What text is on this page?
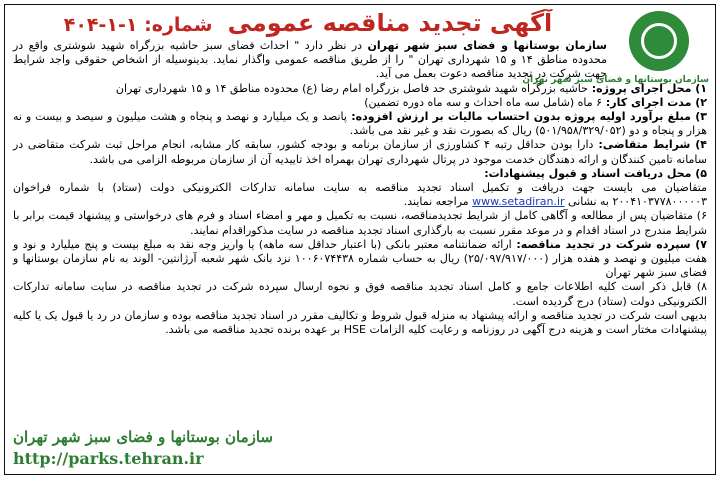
سازمان بوستانها و فضای سبز شهر تهران
آگهی تجدید مناقصه عمومی شماره: ۱-۱-۴۰۴

سازمان بوستانها و فضای سبز شهر تهران در نظر دارد " احداث فضای سبز حاشیه بزرگراه شهید شوشتری واقع در محدوده مناطق ۱۴ و ۱۵ شهرداری تهران " را از طریق مناقصه عمومی واگذار نماید. بدینوسیله از اشخاص حقوقی واجد شرایط جهت شرکت در تجدید مناقصه دعوت بعمل می آید.

۱) محل اجرای پروژه: حاشیه بزرگراه شهید شوشتری حد فاصل بزرگراه امام رضا (ع) محدوده مناطق ۱۴ و ۱۵ شهرداری تهران

۲) مدت اجرای کار: ۶ ماه (شامل سه ماه احداث و سه ماه دوره تضمین)

۳) مبلغ برآورد اولیه پروژه بدون احتساب مالیات بر ارزش افزوده: پانصد و یک میلیارد و نهصد و پنجاه و هشت میلیون و سیصد و بیست و نه هزار و پنجاه و دو (۵۰۱/۹۵۸/۳۲۹/۰۵۲) ریال که بصورت نقد و غیر نقد می باشد.

۴) شرایط متقاضی: دارا بودن حداقل رتبه ۴ کشاورزی از سازمان برنامه و بودجه کشور، سابقه کار مشابه، انجام مراحل ثبت شرکت متقاضی در سامانه تامین کنندگان و ارائه دهندگان خدمت موجود در پرتال شهرداری تهران بهمراه اخذ تاییدیه آن از سازمان مربوطه الزامی می باشد.

۵) محل دریافت اسناد و قبول پیشنهادات:

متقاضیان می بایست جهت دریافت و تکمیل اسناد تجدید مناقصه به سایت سامانه تدارکات الکترونیکی دولت (ستاد) با شماره فراخوان ۲۰۰۴۱۰۳۷۷۸۰۰۰۰۰۳ به نشانی www.setadiran.ir مراجعه نمایند.

۶) متقاضیان پس از مطالعه و آگاهی کامل از شرایط تجدیدمناقصه، نسبت به تکمیل و مهر و امضاء اسناد و فرم های درخواستی و پیشنهاد قیمت برابر با شرایط مندرج در اسناد اقدام و در موعد مقرر نسبت به بارگذاری اسناد تجدید مناقصه در سایت مذکوراقدام نمایند.

۷) سپرده شرکت در تجدید مناقصه: ارائه ضمانتنامه معتبر بانکی (با اعتبار حداقل سه ماهه) یا واریز وجه نقد به مبلغ بیست و پنج میلیارد و نود و هفت میلیون و نهصد و هفده هزار (۲۵/۰۹۷/۹۱۷/۰۰۰) ریال به حساب شماره ۱۰۰۶۰۷۴۴۳۸ نزد بانک شهر شعبه آرژانتین- الوند به نام سازمان بوستانها و فضای سبز شهر تهران

۸) قابل ذکر است کلیه اطلاعات جامع و کامل اسناد تجدید مناقصه فوق و نحوه ارسال سپرده شرکت در تجدید مناقصه در سایت سامانه تدارکات الکترونیکی دولت (ستاد) درج گردیده است.

بدیهی است شرکت در تجدید مناقصه و ارائه پیشنهاد به منزله قبول شروط و تکالیف مقرر در اسناد تجدید مناقصه بوده و سازمان در رد یا قبول یک یا کلیه پیشنهادات مختار است و هزینه درج آگهی در روزنامه و رعایت کلیه الزامات HSE بر عهده برنده تجدید مناقصه می باشد.

سازمان بوستانها و فضای سبز شهر تهران
http://parks.tehran.ir
